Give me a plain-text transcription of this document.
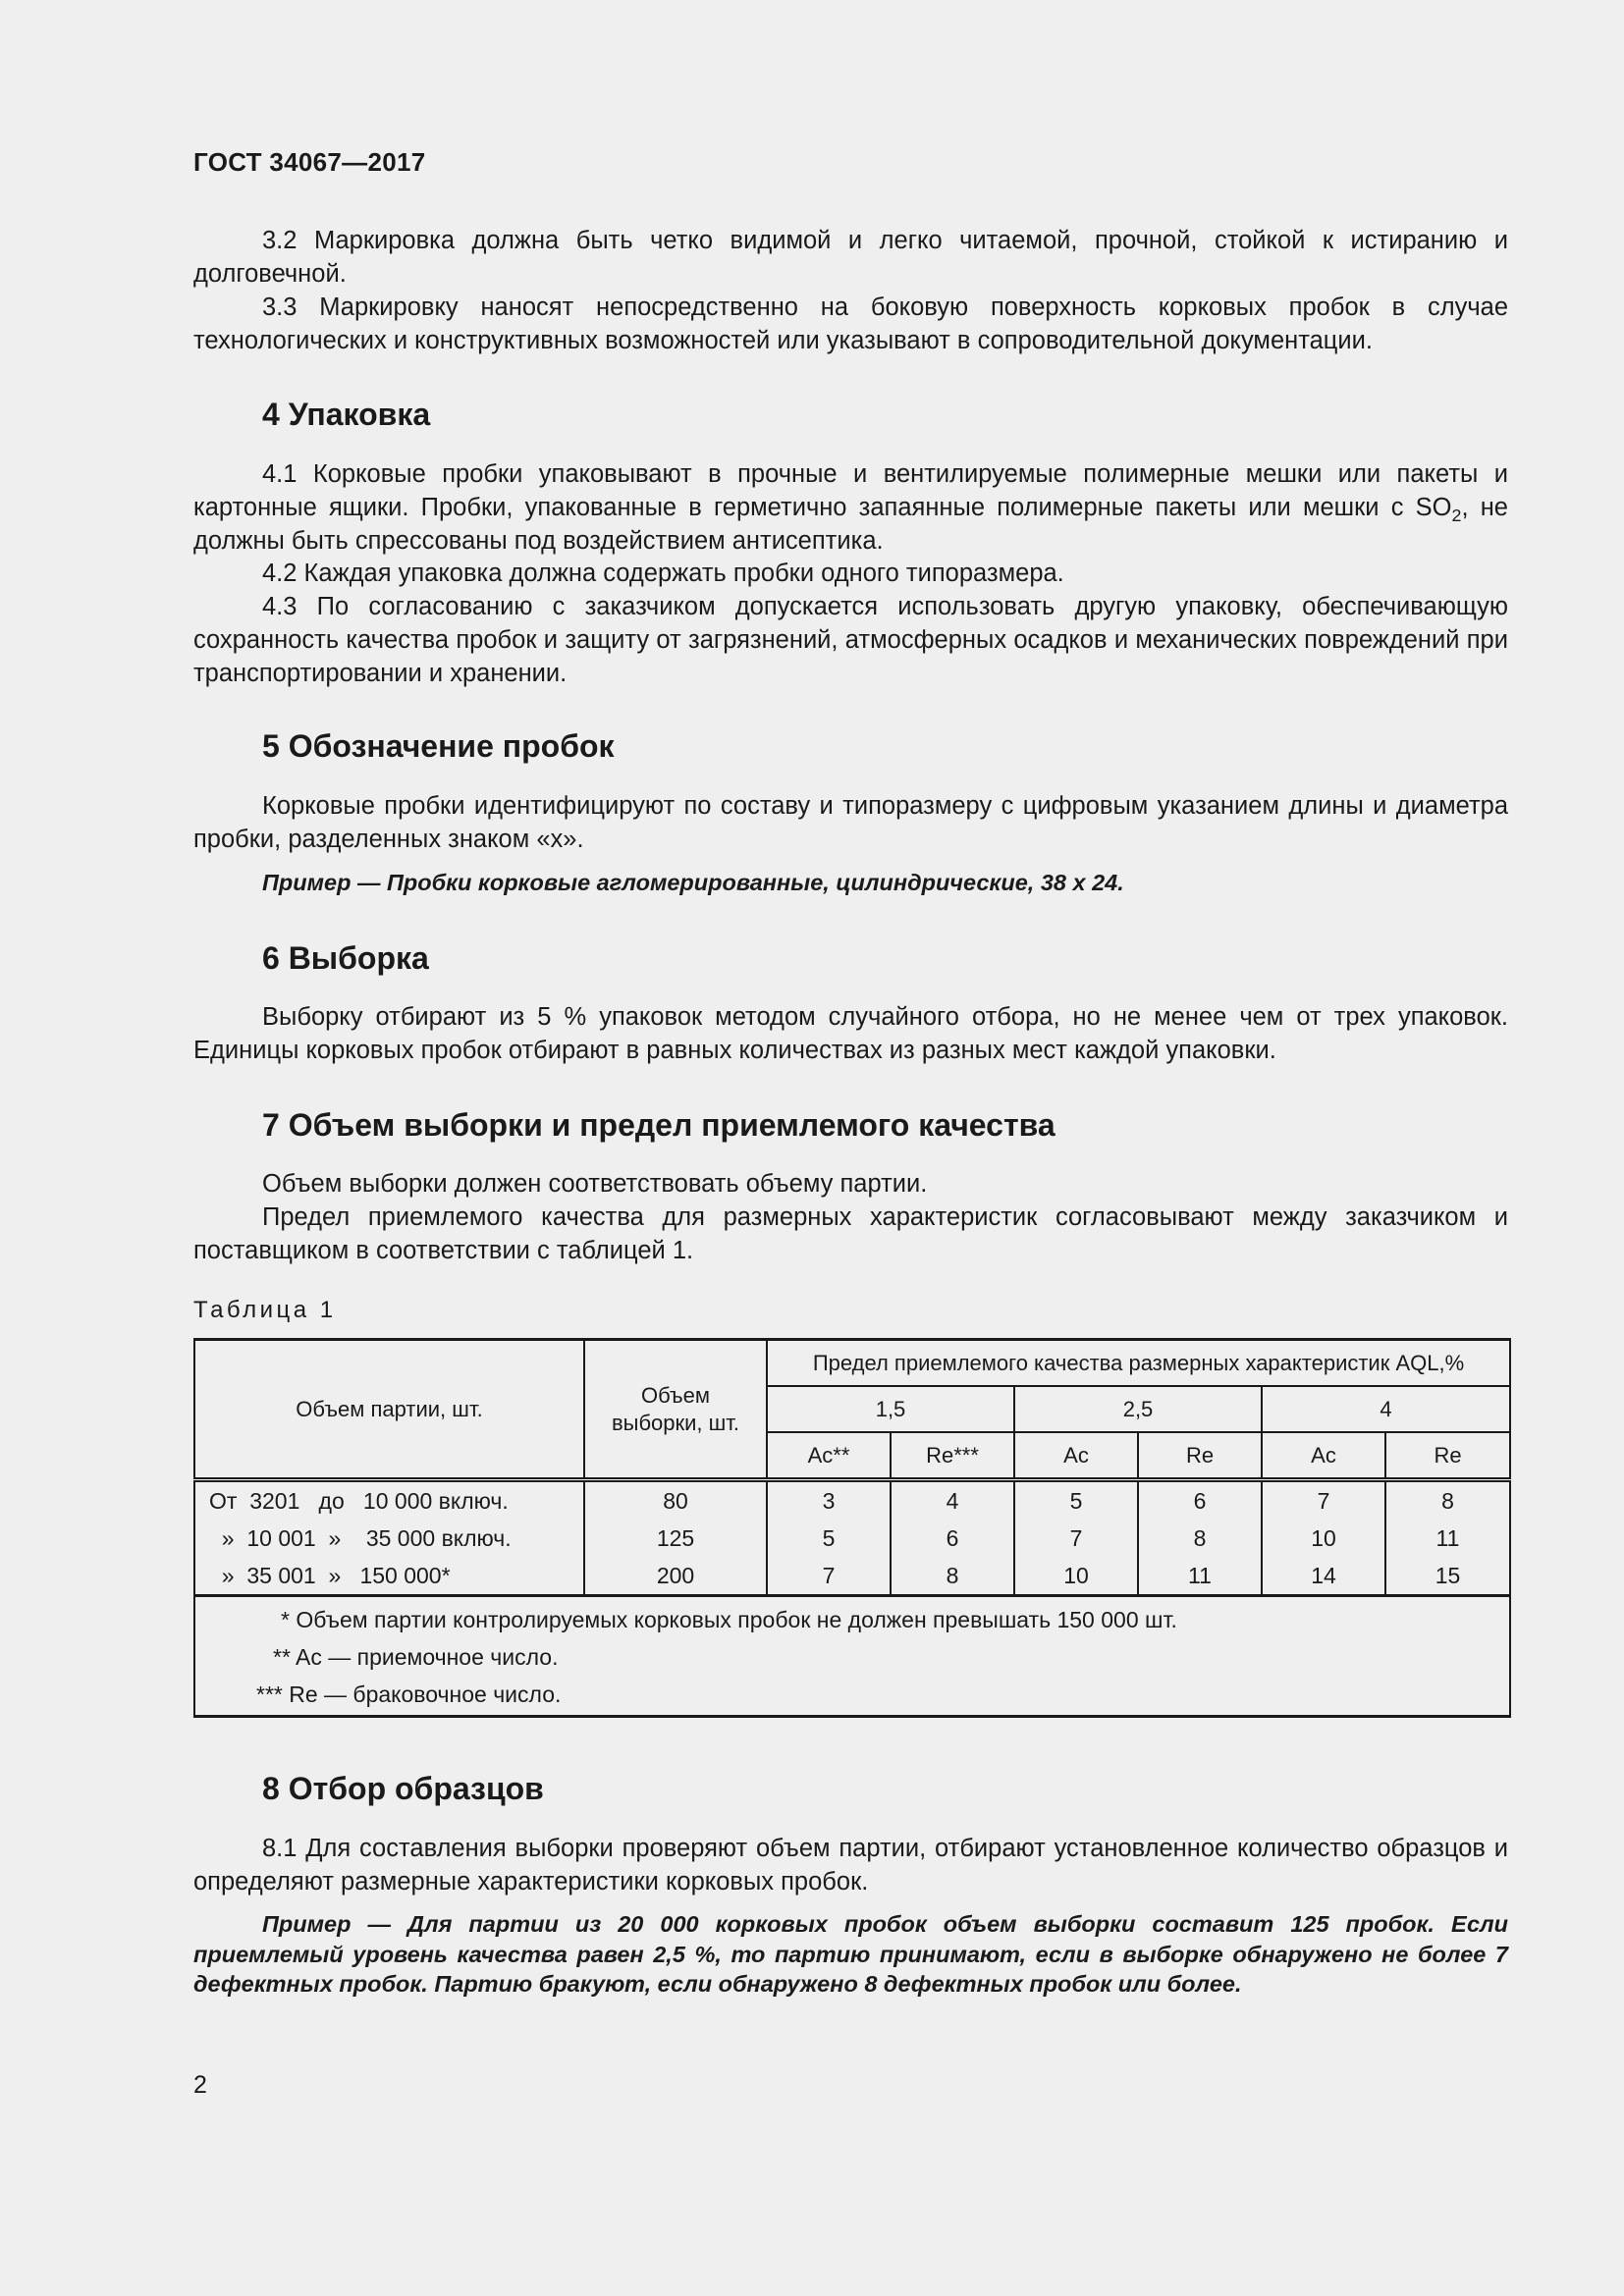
ГОСТ 34067—2017

3.2 Маркировка должна быть четко видимой и легко читаемой, прочной, стойкой к истиранию и долговечной.

3.3 Маркировку наносят непосредственно на боковую поверхность корковых пробок в случае технологических и конструктивных возможностей или указывают в сопроводительной документации.

4 Упаковка

4.1 Корковые пробки упаковывают в прочные и вентилируемые полимерные мешки или пакеты и картонные ящики. Пробки, упакованные в герметично запаянные полимерные пакеты или мешки с $SO_2$, не должны быть спрессованы под воздействием антисептика.

4.2 Каждая упаковка должна содержать пробки одного типоразмера.

4.3 По согласованию с заказчиком допускается использовать другую упаковку, обеспечивающую сохранность качества пробок и защиту от загрязнений, атмосферных осадков и механических повреждений при транспортировании и хранении.

5 Обозначение пробок

Корковые пробки идентифицируют по составу и типоразмеру с цифровым указанием длины и диаметра пробки, разделенных знаком «х».

Пример — Пробки корковые агломерированные, цилиндрические, 38 х 24.

6 Выборка

Выборку отбирают из 5 % упаковок методом случайного отбора, но не менее чем от трех упаковок. Единицы корковых пробок отбирают в равных количествах из разных мест каждой упаковки.

7 Объем выборки и предел приемлемого качества

Объем выборки должен соответствовать объему партии.

Предел приемлемого качества для размерных характеристик согласовывают между заказчиком и поставщиком в соответствии с таблицей 1.

Таблица 1
Объем партии, шт.	Объем выборки, шт.	Предел приемлемого качества размерных характеристик AQL,%					
		1,5		2,5		4	
		Ac**	Re***	Ac	Re	Ac	Re
От  3201   до   10 000 включ.	80	3	4	5	6	7	8
»  10 001  »    35 000 включ.	125	5	6	7	8	10	11
»  35 001  »   150 000*	200	7	8	10	11	14	15

* Объем партии контролируемых корковых пробок не должен превышать 150 000 шт.
** Ac — приемочное число.
*** Re — браковочное число.							
8 Отбор образцов

8.1 Для составления выборки проверяют объем партии, отбирают установленное количество образцов и определяют размерные характеристики корковых пробок.

Пример — Для партии из 20 000 корковых пробок объем выборки составит 125 пробок. Если приемлемый уровень качества равен 2,5 %, то партию принимают, если в выборке обнаружено не более 7 дефектных пробок. Партию бракуют, если обнаружено 8 дефектных пробок или более.

2
